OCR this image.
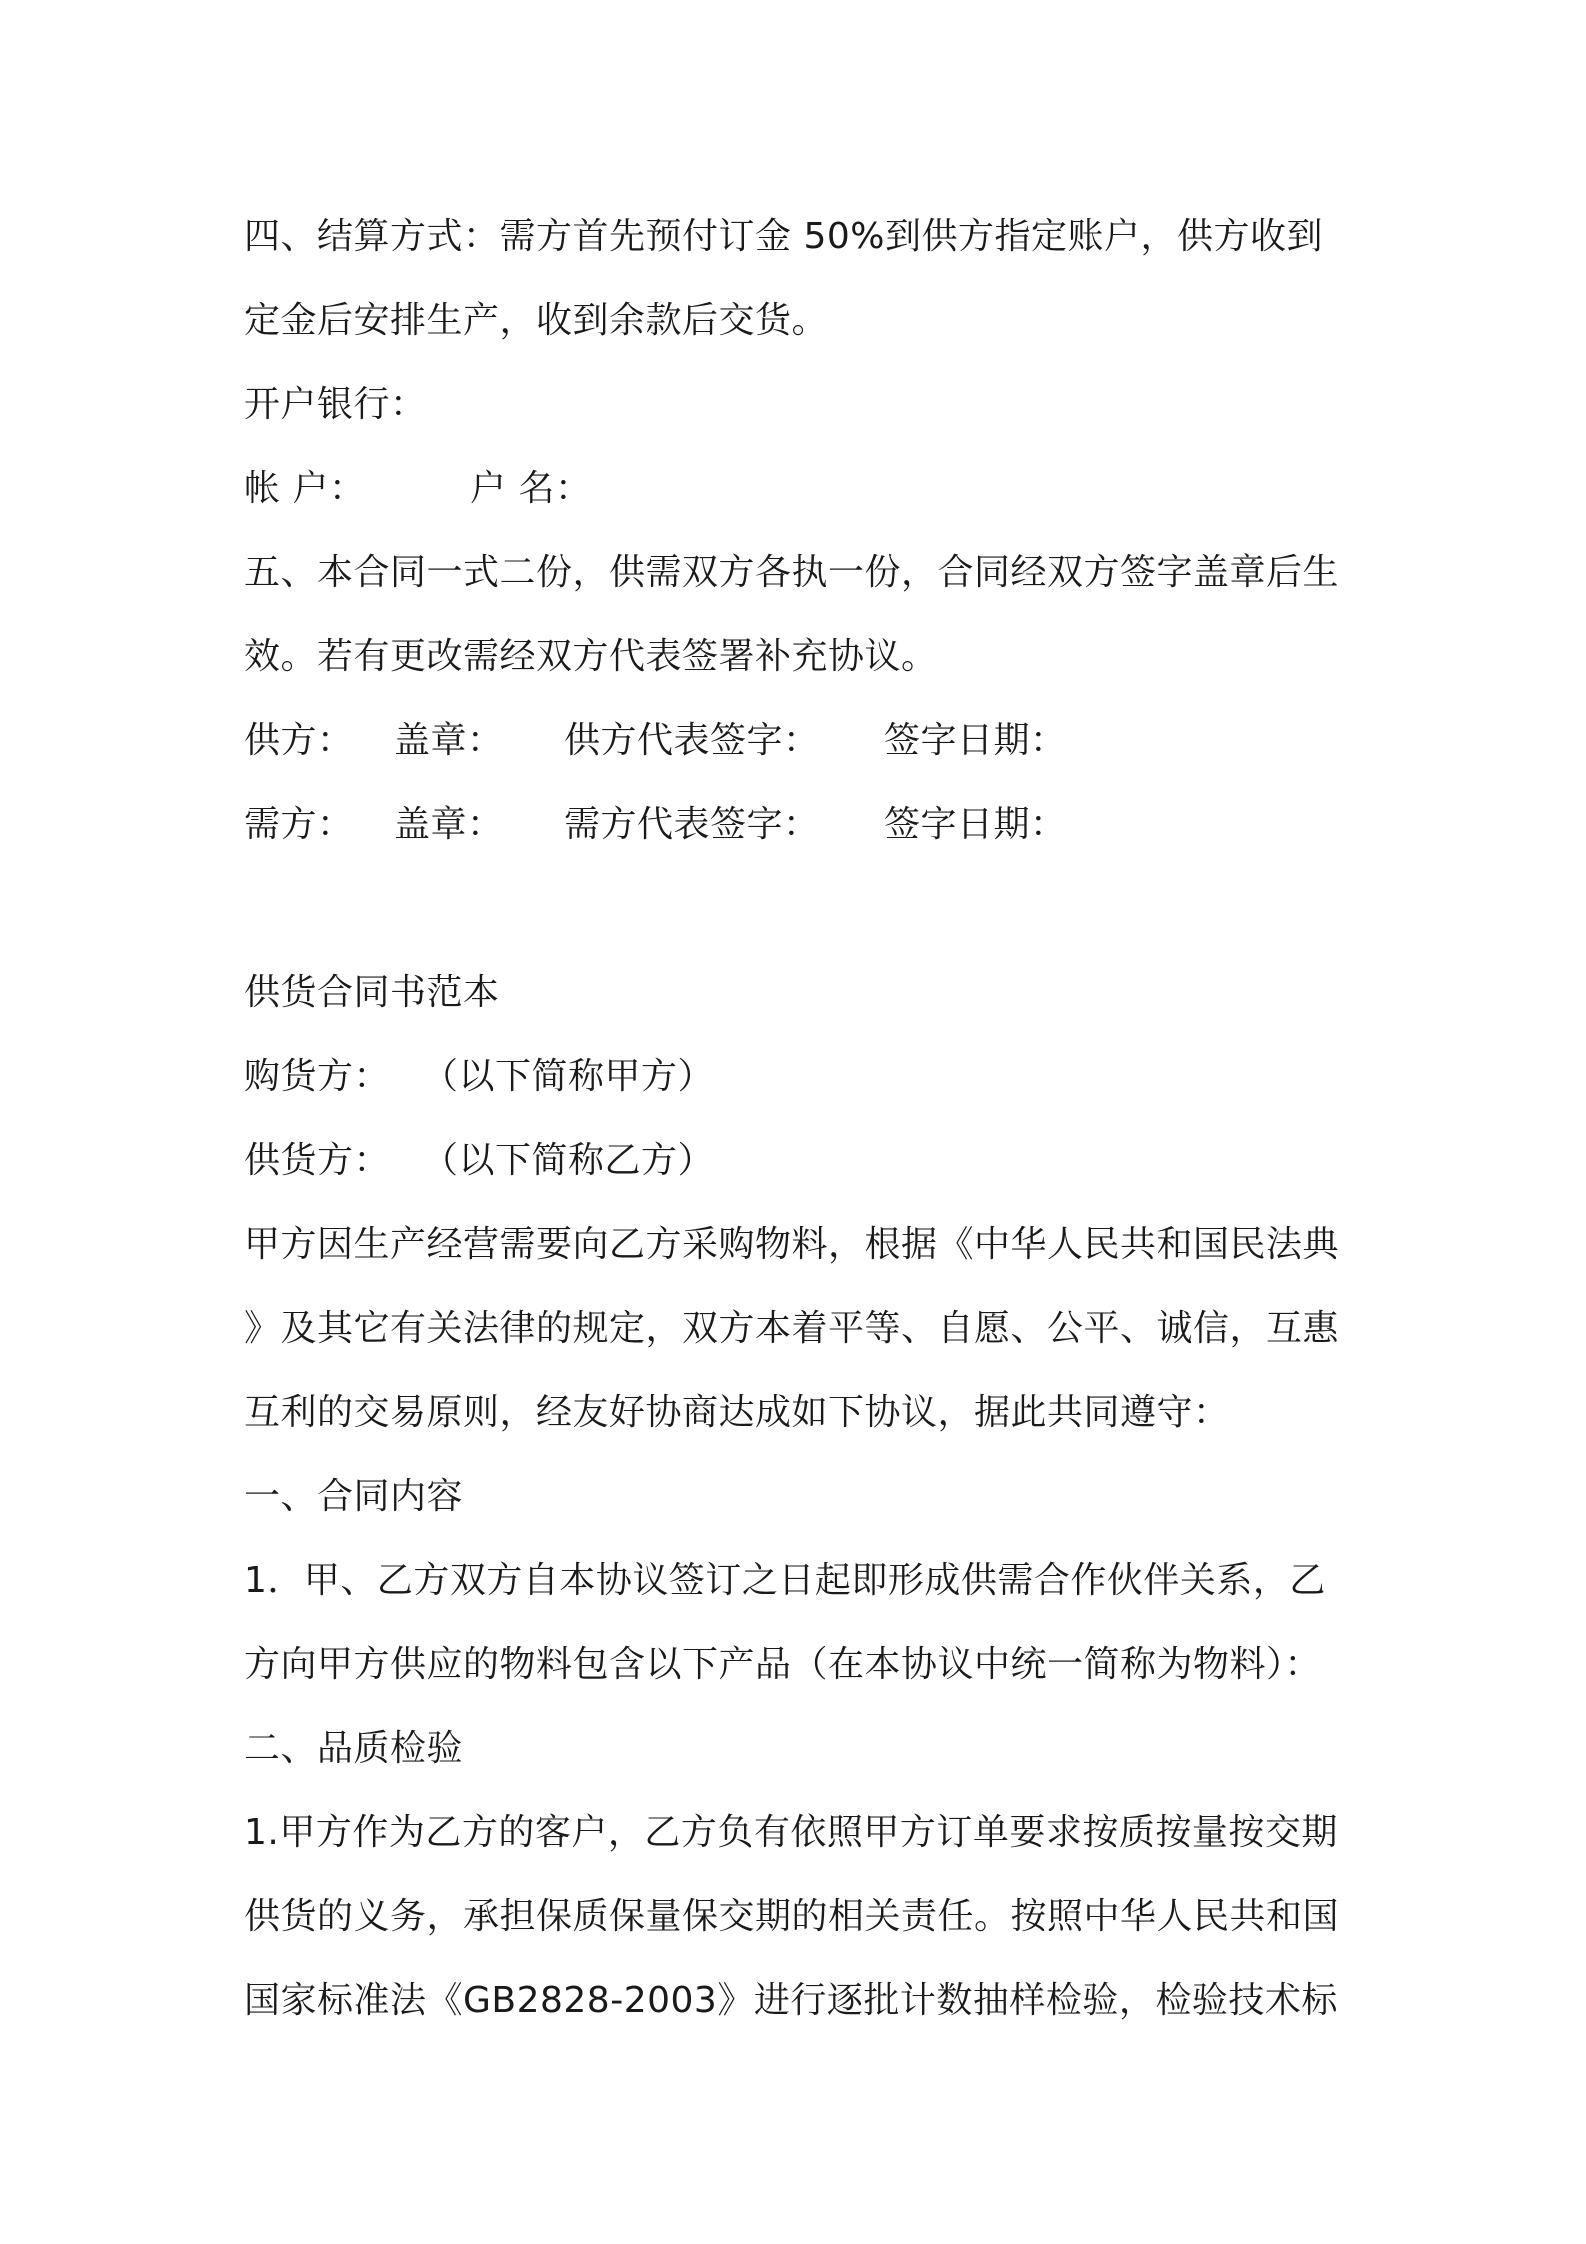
四、结算方式：需方首先预付订金 50%到供方指定账户，供方收到
定金后安排生产，收到余款后交货。
开户银行：
帐 户：	户 名：
五、本合同一式二份，供需双方各执一份，合同经双方签字盖章后生
效。若有更改需经双方代表签署补充协议。
供方：	盖章：	供方代表签字：	签字日期：
需方：	盖章：	需方代表签字：	签字日期：
供货合同书范本
购货方： （以下简称甲方）
供货方： （以下简称乙方）
甲方因生产经营需要向乙方采购物料，根据《中华人民共和国民法典
》及其它有关法律的规定，双方本着平等、自愿、公平、诚信，互惠
互利的交易原则，经友好协商达成如下协议，据此共同遵守：
一、合同内容
1．甲、乙方双方自本协议签订之日起即形成供需合作伙伴关系，乙
方向甲方供应的物料包含以下产品（在本协议中统一简称为物料）：
二、品质检验
1.甲方作为乙方的客户，乙方负有依照甲方订单要求按质按量按交期
供货的义务，承担保质保量保交期的相关责任。按照中华人民共和国
国家标准法《GB2828-2003》进行逐批计数抽样检验，检验技术标
